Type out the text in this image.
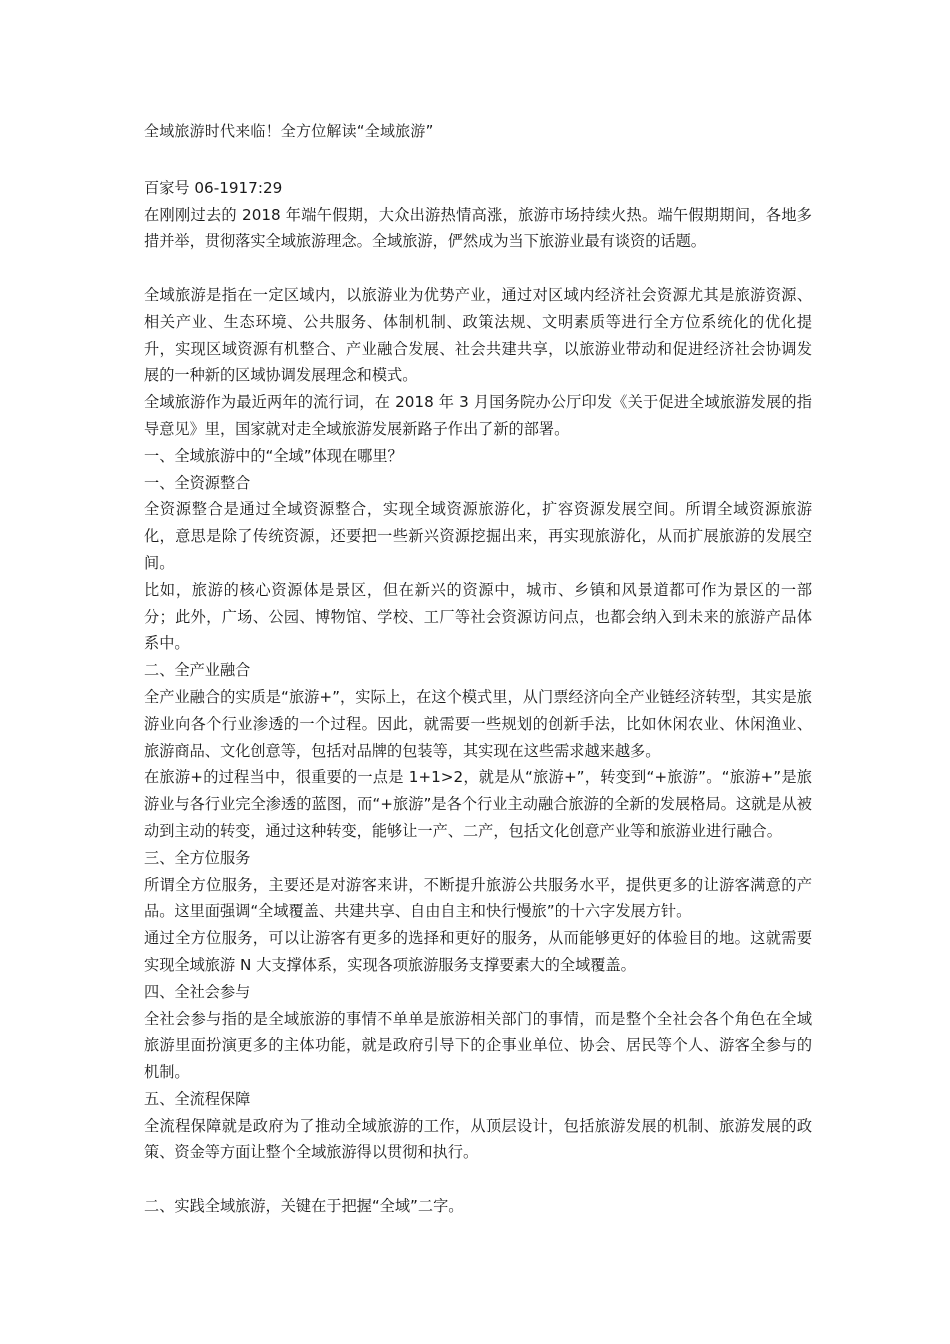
全域旅游时代来临！全方位解读“全域旅游”

百家号 06-1917:29

在刚刚过去的 2018 年端午假期，大众出游热情高涨，旅游市场持续火热。端午假期期间，各地多措并举，贯彻落实全域旅游理念。全域旅游，俨然成为当下旅游业最有谈资的话题。

全域旅游是指在一定区域内，以旅游业为优势产业，通过对区域内经济社会资源尤其是旅游资源、相关产业、生态环境、公共服务、体制机制、政策法规、文明素质等进行全方位系统化的优化提升，实现区域资源有机整合、产业融合发展、社会共建共享，以旅游业带动和促进经济社会协调发展的一种新的区域协调发展理念和模式。

全域旅游作为最近两年的流行词，在 2018 年 3 月国务院办公厅印发《关于促进全域旅游发展的指导意见》里，国家就对走全域旅游发展新路子作出了新的部署。

一、全域旅游中的“全域”体现在哪里？

一、全资源整合

全资源整合是通过全域资源整合，实现全域资源旅游化，扩容资源发展空间。所谓全域资源旅游化，意思是除了传统资源，还要把一些新兴资源挖掘出来，再实现旅游化，从而扩展旅游的发展空间。

比如，旅游的核心资源体是景区，但在新兴的资源中，城市、乡镇和风景道都可作为景区的一部分；此外，广场、公园、博物馆、学校、工厂等社会资源访问点，也都会纳入到未来的旅游产品体系中。

二、全产业融合

全产业融合的实质是“旅游+”，实际上，在这个模式里，从门票经济向全产业链经济转型，其实是旅游业向各个行业渗透的一个过程。因此，就需要一些规划的创新手法，比如休闲农业、休闲渔业、旅游商品、文化创意等，包括对品牌的包装等，其实现在这些需求越来越多。

在旅游+的过程当中，很重要的一点是 1+1>2，就是从“旅游+”，转变到“+旅游”。“旅游+”是旅游业与各行业完全渗透的蓝图，而“+旅游”是各个行业主动融合旅游的全新的发展格局。这就是从被动到主动的转变，通过这种转变，能够让一产、二产，包括文化创意产业等和旅游业进行融合。

三、全方位服务

所谓全方位服务，主要还是对游客来讲，不断提升旅游公共服务水平，提供更多的让游客满意的产品。这里面强调“全域覆盖、共建共享、自由自主和快行慢旅”的十六字发展方针。

通过全方位服务，可以让游客有更多的选择和更好的服务，从而能够更好的体验目的地。这就需要实现全域旅游 N 大支撑体系，实现各项旅游服务支撑要素大的全域覆盖。

四、全社会参与

全社会参与指的是全域旅游的事情不单单是旅游相关部门的事情，而是整个全社会各个角色在全域旅游里面扮演更多的主体功能，就是政府引导下的企事业单位、协会、居民等个人、游客全参与的机制。

五、全流程保障

全流程保障就是政府为了推动全域旅游的工作，从顶层设计，包括旅游发展的机制、旅游发展的政策、资金等方面让整个全域旅游得以贯彻和执行。

二、实践全域旅游，关键在于把握“全域”二字。
